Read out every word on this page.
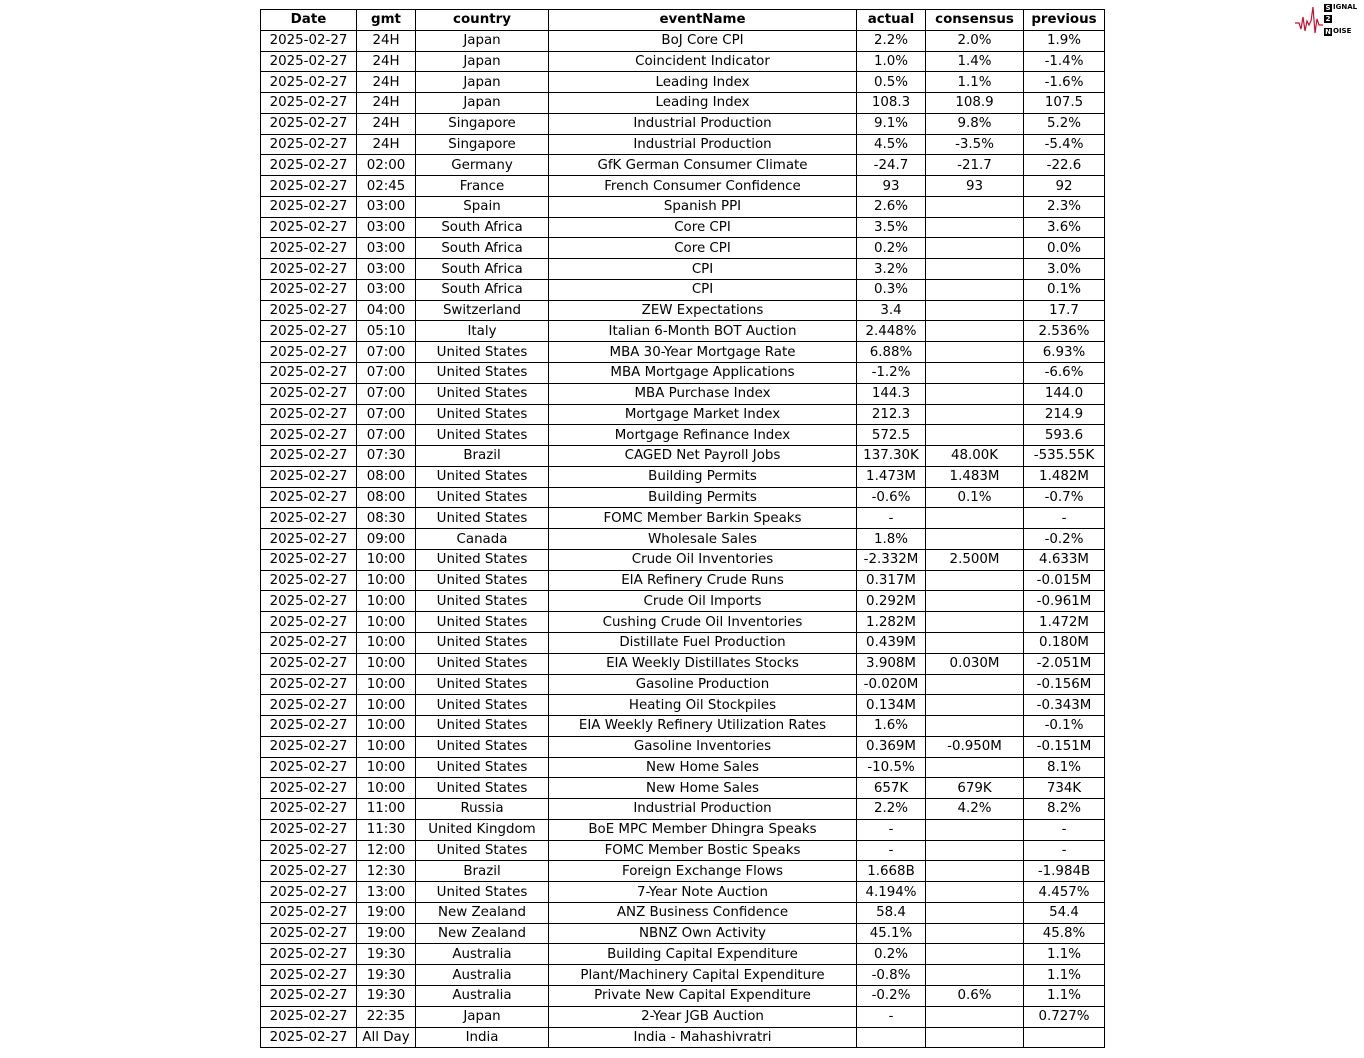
S IGNAL
2
N OISE
Date	gmt	country	eventName	actual	consensus	previous
2025-02-27	24H	Japan	BoJ Core CPI	2.2%	2.0%	1.9%
2025-02-27	24H	Japan	Coincident Indicator	1.0%	1.4%	-1.4%
2025-02-27	24H	Japan	Leading Index	0.5%	1.1%	-1.6%
2025-02-27	24H	Japan	Leading Index	108.3	108.9	107.5
2025-02-27	24H	Singapore	Industrial Production	9.1%	9.8%	5.2%
2025-02-27	24H	Singapore	Industrial Production	4.5%	-3.5%	-5.4%
2025-02-27	02:00	Germany	GfK German Consumer Climate	-24.7	-21.7	-22.6
2025-02-27	02:45	France	French Consumer Confidence	93	93	92
2025-02-27	03:00	Spain	Spanish PPI	2.6%		2.3%
2025-02-27	03:00	South Africa	Core CPI	3.5%		3.6%
2025-02-27	03:00	South Africa	Core CPI	0.2%		0.0%
2025-02-27	03:00	South Africa	CPI	3.2%		3.0%
2025-02-27	03:00	South Africa	CPI	0.3%		0.1%
2025-02-27	04:00	Switzerland	ZEW Expectations	3.4		17.7
2025-02-27	05:10	Italy	Italian 6-Month BOT Auction	2.448%		2.536%
2025-02-27	07:00	United States	MBA 30-Year Mortgage Rate	6.88%		6.93%
2025-02-27	07:00	United States	MBA Mortgage Applications	-1.2%		-6.6%
2025-02-27	07:00	United States	MBA Purchase Index	144.3		144.0
2025-02-27	07:00	United States	Mortgage Market Index	212.3		214.9
2025-02-27	07:00	United States	Mortgage Refinance Index	572.5		593.6
2025-02-27	07:30	Brazil	CAGED Net Payroll Jobs	137.30K	48.00K	-535.55K
2025-02-27	08:00	United States	Building Permits	1.473M	1.483M	1.482M
2025-02-27	08:00	United States	Building Permits	-0.6%	0.1%	-0.7%
2025-02-27	08:30	United States	FOMC Member Barkin Speaks	-		-
2025-02-27	09:00	Canada	Wholesale Sales	1.8%		-0.2%
2025-02-27	10:00	United States	Crude Oil Inventories	-2.332M	2.500M	4.633M
2025-02-27	10:00	United States	EIA Refinery Crude Runs	0.317M		-0.015M
2025-02-27	10:00	United States	Crude Oil Imports	0.292M		-0.961M
2025-02-27	10:00	United States	Cushing Crude Oil Inventories	1.282M		1.472M
2025-02-27	10:00	United States	Distillate Fuel Production	0.439M		0.180M
2025-02-27	10:00	United States	EIA Weekly Distillates Stocks	3.908M	0.030M	-2.051M
2025-02-27	10:00	United States	Gasoline Production	-0.020M		-0.156M
2025-02-27	10:00	United States	Heating Oil Stockpiles	0.134M		-0.343M
2025-02-27	10:00	United States	EIA Weekly Refinery Utilization Rates	1.6%		-0.1%
2025-02-27	10:00	United States	Gasoline Inventories	0.369M	-0.950M	-0.151M
2025-02-27	10:00	United States	New Home Sales	-10.5%		8.1%
2025-02-27	10:00	United States	New Home Sales	657K	679K	734K
2025-02-27	11:00	Russia	Industrial Production	2.2%	4.2%	8.2%
2025-02-27	11:30	United Kingdom	BoE MPC Member Dhingra Speaks	-		-
2025-02-27	12:00	United States	FOMC Member Bostic Speaks	-		-
2025-02-27	12:30	Brazil	Foreign Exchange Flows	1.668B		-1.984B
2025-02-27	13:00	United States	7-Year Note Auction	4.194%		4.457%
2025-02-27	19:00	New Zealand	ANZ Business Confidence	58.4		54.4
2025-02-27	19:00	New Zealand	NBNZ Own Activity	45.1%		45.8%
2025-02-27	19:30	Australia	Building Capital Expenditure	0.2%		1.1%
2025-02-27	19:30	Australia	Plant/Machinery Capital Expenditure	-0.8%		1.1%
2025-02-27	19:30	Australia	Private New Capital Expenditure	-0.2%	0.6%	1.1%
2025-02-27	22:35	Japan	2-Year JGB Auction	-		0.727%
2025-02-27	All Day	India	India - Mahashivratri			
